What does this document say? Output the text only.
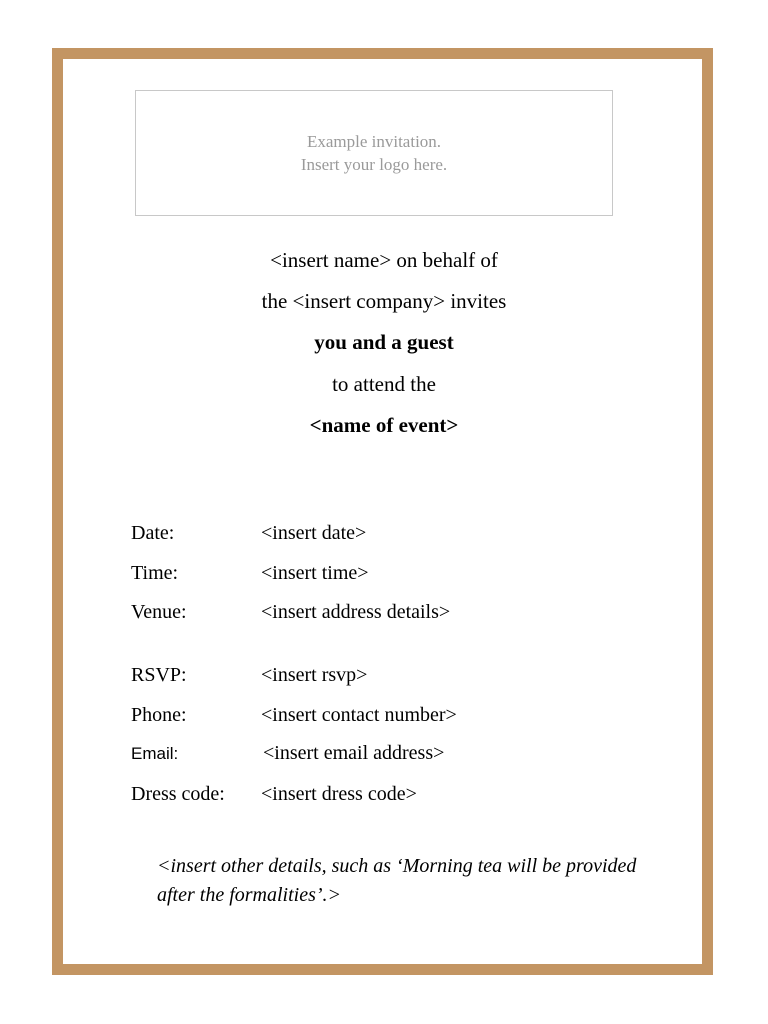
Example invitation.
Insert your logo here.
<insert name> on behalf of
the <insert company> invites
you and a guest
to attend the
<name of event>
Date:	<insert date>
Time:	<insert time>
Venue:	<insert address details>
RSVP:	<insert rsvp>
Phone:	<insert contact number>
Email:	<insert email address>
Dress code: <insert dress code>
<insert other details, such as ‘Morning tea will be provided after the formalities’.>
